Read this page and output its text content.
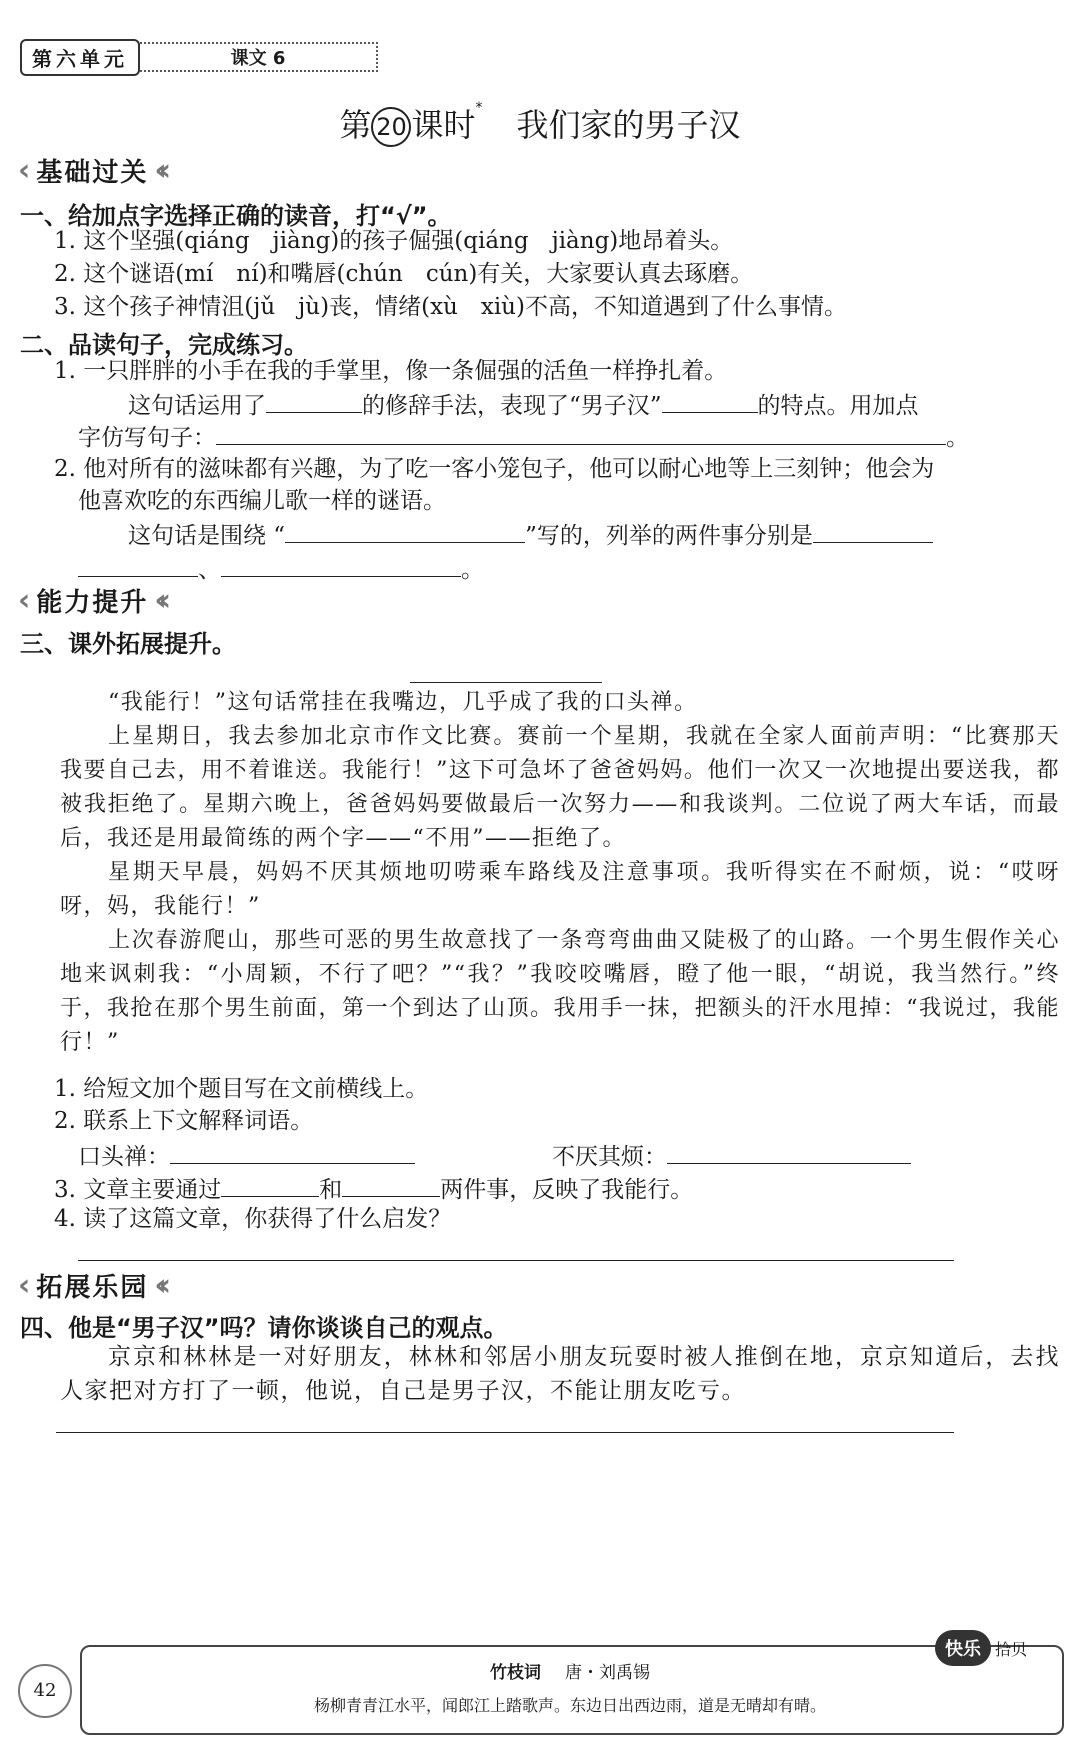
第六单元	课文 6
第 20 课时* 我们家的男子汉
‹ 基础过关 ‹‹
一、给加点字选择正确的读音，打“√”。
1. 这个坚强(qiáng　jiàng)的孩子倔强(qiáng　jiàng)地昂着头。
2. 这个谜语(mí　ní)和嘴唇(chún　cún)有关，大家要认真去琢磨。
3. 这个孩子神情沮(jǔ　jù)丧，情绪(xù　xiù)不高，不知道遇到了什么事情。
二、品读句子，完成练习。
1. 一只胖胖的小手在我的手掌里，像一条倔强的活鱼一样挣扎着。
这句话运用了	的修辞手法，表现了“男子汉”	的特点。用加点
字仿写句子：	。
2. 他对所有的滋味都有兴趣，为了吃一客小笼包子，他可以耐心地等上三刻钟；他会为
他喜欢吃的东西编儿歌一样的谜语。
这句话是围绕 “	”写的，列举的两件事分别是
、	。
‹ 能力提升 ‹‹
三、课外拓展提升。
“我能行！”这句话常挂在我嘴边，几乎成了我的口头禅。
上星期日，我去参加北京市作文比赛。赛前一个星期，我就在全家人面前声明：“比赛那天我要自己去，用不着谁送。我能行！”这下可急坏了爸爸妈妈。他们一次又一次地提出要送我，都被我拒绝了。星期六晚上，爸爸妈妈要做最后一次努力——和我谈判。二位说了两大车话，而最后，我还是用最简练的两个字——“不用”——拒绝了。
星期天早晨，妈妈不厌其烦地叨唠乘车路线及注意事项。我听得实在不耐烦，说：“哎呀呀，妈，我能行！”
上次春游爬山，那些可恶的男生故意找了一条弯弯曲曲又陡极了的山路。一个男生假作关心地来讽刺我：“小周颖，不行了吧？”“我？”我咬咬嘴唇，瞪了他一眼，“胡说，我当然行。”终于，我抢在那个男生前面，第一个到达了山顶。我用手一抹，把额头的汗水甩掉：“我说过，我能行！”
1. 给短文加个题目写在文前横线上。
2. 联系上下文解释词语。
口头禅：	不厌其烦：
3. 文章主要通过	和	两件事，反映了我能行。
4. 读了这篇文章，你获得了什么启发？
‹ 拓展乐园 ‹‹
四、他是“男子汉”吗？请你谈谈自己的观点。
京京和林林是一对好朋友，林林和邻居小朋友玩耍时被人推倒在地，京京知道后，去找人家把对方打了一顿，他说，自己是男子汉，不能让朋友吃亏。
42
竹枝词 唐・刘禹锡
杨柳青青江水平，闻郎江上踏歌声。东边日出西边雨，道是无晴却有晴。
快乐 拾贝
